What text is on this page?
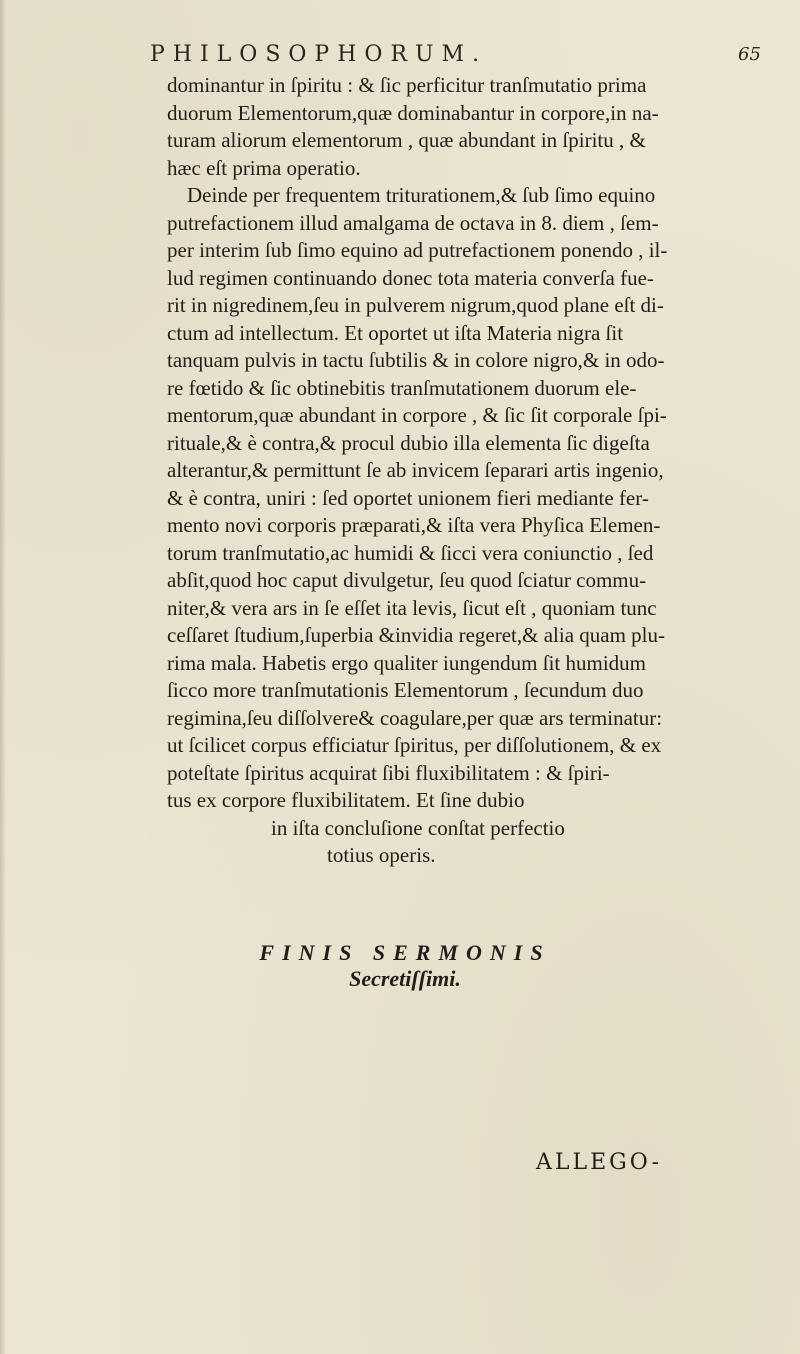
PHILOSOPHORUM.	65
dominantur in ſpiritu : & ſic perficitur tranſmutatio prima
duorum Elementorum,quæ dominabantur in corpore,in na-
turam aliorum elementorum , quæ abundant in ſpiritu , &
hæc eſt prima operatio.
Deinde per frequentem triturationem,& ſub ſimo equino
putrefactionem illud amalgama de octava in 8. diem , ſem-
per interim ſub ſimo equino ad putrefactionem ponendo , il-
lud regimen continuando donec tota materia converſa fue-
rit in nigredinem,ſeu in pulverem nigrum,quod plane eſt di-
ctum ad intellectum. Et oportet ut iſta Materia nigra ſit
tanquam pulvis in tactu ſubtilis & in colore nigro,& in odo-
re fœtido & ſic obtinebitis tranſmutationem duorum ele-
mentorum,quæ abundant in corpore , & ſic ſit corporale ſpi-
rituale,& è contra,& procul dubio illa elementa ſic digeſta
alterantur,& permittunt ſe ab invicem ſeparari artis ingenio,
& è contra, uniri : ſed oportet unionem fieri mediante fer-
mento novi corporis præparati,& iſta vera Phyſica Elemen-
torum tranſmutatio,ac humidi & ſicci vera coniunctio , ſed
abſit,quod hoc caput divulgetur, ſeu quod ſciatur commu-
niter,& vera ars in ſe eſſet ita levis, ſicut eſt , quoniam tunc
ceſſaret ſtudium,ſuperbia &invidia regeret,& alia quam plu-
rima mala. Habetis ergo qualiter iungendum ſit humidum
ſicco more tranſmutationis Elementorum , ſecundum duo
regimina,ſeu diſſolvere& coagulare,per quæ ars terminatur:
ut ſcilicet corpus efficiatur ſpiritus, per diſſolutionem, & ex
poteſtate ſpiritus acquirat ſibi fluxibilitatem : & ſpiri-
tus ex corpore fluxibilitatem. Et ſine dubio
in iſta concluſione conſtat perfectio
totius operis.
FINIS SERMONIS
Secretiſſimi.
ALLEGO-
